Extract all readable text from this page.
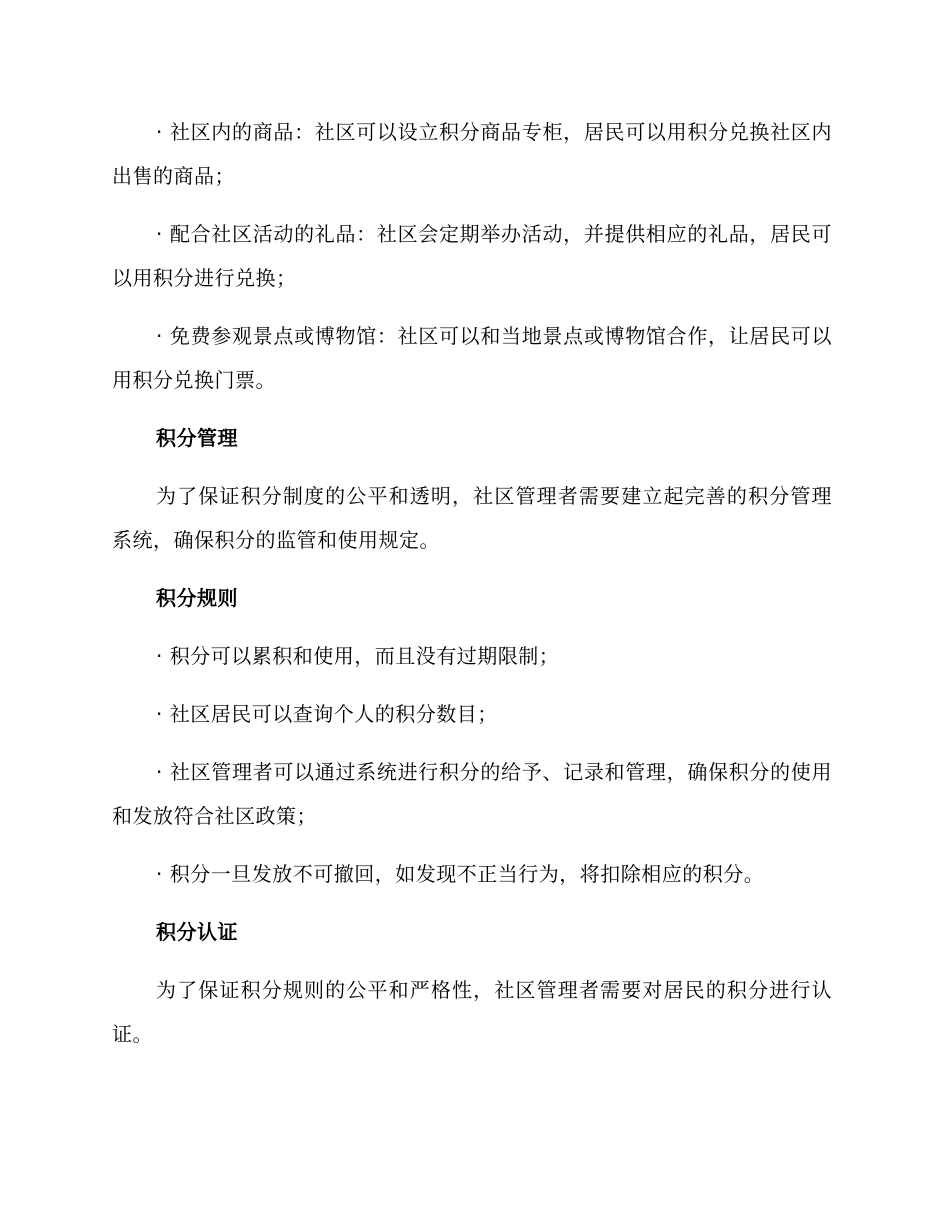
· 社区内的商品：社区可以设立积分商品专柜，居民可以用积分兑换社区内出售的商品；

· 配合社区活动的礼品：社区会定期举办活动，并提供相应的礼品，居民可以用积分进行兑换；

· 免费参观景点或博物馆：社区可以和当地景点或博物馆合作，让居民可以用积分兑换门票。

积分管理

为了保证积分制度的公平和透明，社区管理者需要建立起完善的积分管理系统，确保积分的监管和使用规定。

积分规则

· 积分可以累积和使用，而且没有过期限制；

· 社区居民可以查询个人的积分数目；

· 社区管理者可以通过系统进行积分的给予、记录和管理，确保积分的使用和发放符合社区政策；

· 积分一旦发放不可撤回，如发现不正当行为，将扣除相应的积分。

积分认证

为了保证积分规则的公平和严格性，社区管理者需要对居民的积分进行认证。
